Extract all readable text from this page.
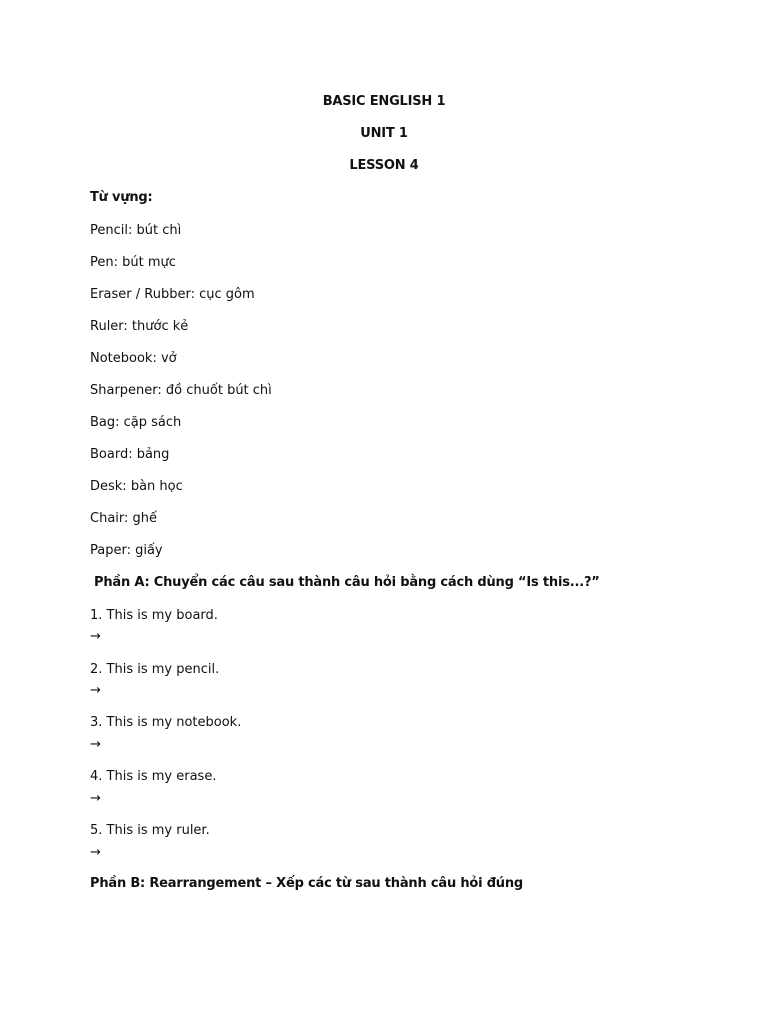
BASIC ENGLISH 1
UNIT 1
LESSON 4
Từ vựng:
Pencil: bút chì
Pen: bút mực
Eraser / Rubber: cục gôm
Ruler: thước kẻ
Notebook: vở
Sharpener: đồ chuốt bút chì
Bag: cặp sách
Board: bảng
Desk: bàn học
Chair: ghế
Paper: giấy
Phần A: Chuyển các câu sau thành câu hỏi bằng cách dùng “Is this...?”
1. This is my board.
→
2. This is my pencil.
→
3. This is my notebook.
→
4. This is my erase.
→
5. This is my ruler.
→
Phần B: Rearrangement – Xếp các từ sau thành câu hỏi đúng
